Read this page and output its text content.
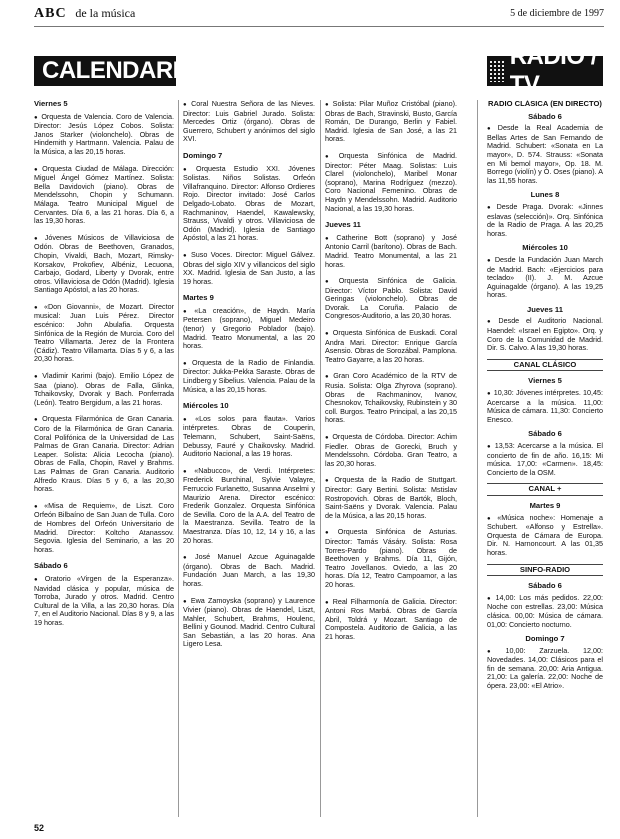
ABC de la música	5 de diciembre de 1997
CALENDARIO
RADIO / TV
Viernes 5
● Orquesta de Valencia. Coro de Valencia. Director: Jesús López Cobos. Solista: Janos Starker (violonchelo). Obras de Hindemith y Hartmann. Valencia. Palau de la Música, a las 20,15 horas.
● Orquesta Ciudad de Málaga. Dirección: Miguel Ángel Gómez Martínez. Solista: Bella Davidovich (piano). Obras de Mendelssohn, Chopin y Schumann. Málaga. Teatro Municipal Miguel de Cervantes. Día 6, a las 21 horas. Día 6, a las 19,30 horas.
● Jóvenes Músicos de Villaviciosa de Odón. Obras de Beethoven, Granados, Chopin, Vivaldi, Bach, Mozart, Rimsky-Korsakov, Prokofiev, Albéniz, Lecuona, Carbajo, Godard, Liberty y Dvorak, entre otros. Villaviciosa de Odón (Madrid). Iglesia Santiago Apóstol, a las 20 horas.
● «Don Giovanni», de Mozart. Director musical: Juan Luis Pérez. Director escénico: John Abulafia. Orquesta Sinfónica de la Región de Murcia. Coro del Teatro Villamarta. Jerez de la Frontera (Cádiz). Teatro Villamarta. Días 5 y 6, a las 20,30 horas.
● Vladimir Karimi (bajo). Emilio López de Saa (piano). Obras de Falla, Glinka, Tchaikovsky, Dvorak y Bach. Ponferrada (León). Teatro Bergidum, a las 21 horas.
● Orquesta Filarmónica de Gran Canaria. Coro de la Filarmónica de Gran Canaria. Coral Polifónica de la Universidad de Las Palmas de Gran Canaria. Director: Adrian Leaper. Solista: Alicia Lecocha (piano). Obras de Falla, Chopin, Ravel y Brahms. Las Palmas de Gran Canaria. Auditorio Alfredo Kraus. Días 5 y 6, a las 20,30 horas.
● «Misa de Requiem», de Liszt. Coro Orfeón Bilbaíno de San Juan de Tulla. Coro de Hombres del Orfeón Universitario de Madrid. Director: Koltcho Atanassov. Segovia. Iglesia del Seminario, a las 20 horas.
Sábado 6
● Oratorio «Virgen de la Esperanza». Navidad clásica y popular, música de Torroba, Jurado y otros. Madrid. Centro Cultural de la Villa, a las 20,30 horas. Día 7, en el Auditorio Nacional. Días 8 y 9, a las 19 horas.
● Coral Nuestra Señora de las Nieves. Director: Luis Gabriel Jurado. Solista: Mercedes Ortiz (órgano). Obras de Guerrero, Schubert y anónimos del siglo XVI.
Domingo 7
● Orquesta Estudio XXI. Jóvenes Solistas. Niños Solistas. Orfeón Villafranquino. Director: Alfonso Ordieres Rojo. Director invitado: José Carlos Delgado-Lobato. Obras de Mozart, Rachmaninov, Haendel, Kawalewsky, Strauss, Vivaldi y otros. Villaviciosa de Odón (Madrid). Iglesia de Santiago Apóstol, a las 21 horas.
● Suso Voces. Director: Miguel Gálvez. Obras del siglo XIV y villancicos del siglo XX. Madrid. Iglesia de San Justo, a las 19 horas.
Martes 9
● «La creación», de Haydn. María Petersen (soprano), Miguel Medeiro (tenor) y Gregorio Poblador (bajo). Madrid. Teatro Monumental, a las 20 horas.
● Orquesta de la Radio de Finlandia. Director: Jukka-Pekka Saraste. Obras de Lindberg y Sibelius. Valencia. Palau de la Música, a las 20,15 horas.
Miércoles 10
● «Los solos para flauta». Varios intérpretes. Obras de Couperin, Telemann, Schubert, Saint-Saëns, Debussy, Fauré y Chaikovsky. Madrid. Auditorio Nacional, a las 19 horas.
● «Nabucco», de Verdi. Intérpretes: Frederick Burchinal, Sylvie Valayre, Ferruccio Furlanetto, Susanna Anselmi y Maurizio Arena. Director escénico: Frederik Gonzalez. Orquesta Sinfónica de Sevilla. Coro de la A.A. del Teatro de la Maestranza. Sevilla. Teatro de la Maestranza. Días 10, 12, 14 y 16, a las 20 horas.
● José Manuel Azcue Aguinagalde (órgano). Obras de Bach. Madrid. Fundación Juan March, a las 19,30 horas.
● Ewa Zamoyska (soprano) y Laurence Vivier (piano). Obras de Haendel, Liszt, Mahler, Schubert, Brahms, Houlenc, Bellini y Gounod. Madrid. Centro Cultural San Sebastián, a las 20 horas. Ana Ligero Lesa.
● Solista: Pilar Muñoz Cristóbal (piano). Obras de Bach, Stravinski, Busto, García Román, De Durango, Berlin y Fabiel. Madrid. Iglesia de San José, a las 21 horas.
● Orquesta Sinfónica de Madrid. Director: Péter Maag. Solistas: Luis Clarel (violonchelo), Maribel Monar (soprano), Marina Rodríguez (mezzo). Coro Nacional Femenino. Obras de Haydn y Mendelssohn. Madrid. Auditorio Nacional, a las 19,30 horas.
Jueves 11
● Catherine Bott (soprano) y José Antonio Carril (barítono). Obras de Bach. Madrid. Teatro Monumental, a las 21 horas.
● Orquesta Sinfónica de Galicia. Director: Víctor Pablo. Solista: David Geringas (violonchelo). Obras de Dvorak. La Coruña. Palacio de Congresos-Auditorio, a las 20,30 horas.
● Orquesta Sinfónica de Euskadi. Coral Andra Mari. Director: Enrique García Asensio. Obras de Sorozábal. Pamplona. Teatro Gayarre, a las 20 horas.
● Gran Coro Académico de la RTV de Rusia. Solista: Olga Zhyrova (soprano). Obras de Rachmaninov, Ivanov, Chesnokov, Tchaikovsky, Rubinstein y 30 coll. Burgos. Teatro Principal, a las 20,15 horas.
● Orquesta de Córdoba. Director: Achim Fiedler. Obras de Gorecki, Bruch y Mendelssohn. Córdoba. Gran Teatro, a las 20,30 horas.
● Orquesta de la Radio de Stuttgart. Director: Gary Bertini. Solista: Mstislav Rostropovich. Obras de Bartók, Bloch, Saint-Saëns y Dvorak. Valencia. Palau de la Música, a las 20,15 horas.
● Orquesta Sinfónica de Asturias. Director: Tamás Vásáry. Solista: Rosa Torres-Pardo (piano). Obras de Beethoven y Brahms. Día 11, Gijón, Teatro Jovellanos. Oviedo, a las 20 horas. Día 12, Teatro Campoamor, a las 20 horas.
● Real Filharmonía de Galicia. Director: Antoni Ros Marbá. Obras de García Abril, Toldrá y Mozart. Santiago de Compostela. Auditorio de Galicia, a las 21 horas.
RADIO CLÁSICA (EN DIRECTO)
Sábado 6
● Desde la Real Academia de Bellas Artes de San Fernando de Madrid. Schubert: «Sonata en La mayor», D. 574. Strauss: «Sonata en Mi bemol mayor», Op. 18. M. Borrego (violín) y Ó. Oses (piano). A las 11,55 horas.
Lunes 8
● Desde Praga. Dvorak: «Jinnes eslavas (selección)». Orq. Sinfónica de la Radio de Praga. A las 20,25 horas.
Miércoles 10
● Desde la Fundación Juan March de Madrid. Bach: «Ejercicios para teclado» (II). J. M. Azcue Aguinagalde (órgano). A las 19,25 horas.
Jueves 11
● Desde el Auditorio Nacional. Haendel: «Israel en Egipto». Orq. y Coro de la Comunidad de Madrid. Dir. S. Calvo. A las 19,30 horas.
CANAL CLÁSICO
Viernes 5
● 10,30: Jóvenes intérpretes. 10,45: Acercarse a la música. 11,00: Música de cámara. 11,30: Concierto Enesco.
Sábado 6
● 13,53: Acercarse a la música. El concierto de fin de año. 16,15: Mi música. 17,00: «Carmen». 18,45: Concierto de la OSM.
CANAL +
Martes 9
● «Música noche»: Homenaje a Schubert. «Alfonso y Estrella». Orquesta de Cámara de Europa. Dir. N. Harnoncourt. A las 01,35 horas.
SINFO-RADIO
Sábado 6
● 14,00: Los más pedidos. 22,00: Noche con estrellas. 23,00: Música clásica. 00,00: Música de cámara. 01,00: Concierto nocturno.
Domingo 7
● 10,00: Zarzuela. 12,00: Novedades. 14,00: Clásicos para el fin de semana. 20,00: Aria Antigua. 21,00: La galería. 22,00: Noche de ópera. 23,00: «El Atrio».
52
